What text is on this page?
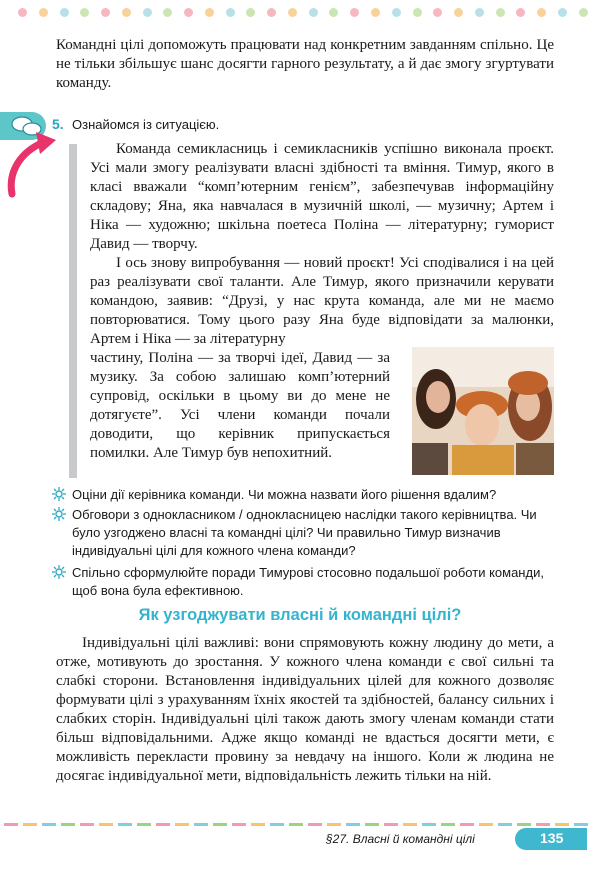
Командні цілі допоможуть працювати над конкретним завданням спільно. Це не тільки збільшує шанс досягти гарного результату, а й дає змогу згуртувати команду.

5. Ознайомся із ситуацією.

Команда семикласниць і семикласників успішно виконала проєкт. Усі мали змогу реалізувати власні здібності та вміння. Тимур, якого в класі вважали “комп’ютерним генієм”, забезпечував інформаційну складову; Яна, яка навчалася в музичній школі, — музичну; Артем і Ніка — художню; шкільна поетеса Поліна — літературну; гуморист Давид — творчу.

І ось знову випробування — новий проєкт! Усі сподівалися і на цей раз реалізувати свої таланти. Але Тимур, якого призначили керувати командою, заявив: “Друзі, у нас крута команда, але ми не маємо повторюватися. Тому цього разу Яна буде відповідати за малюнки, Артем і Ніка — за літературну

частину, Поліна — за творчі ідеї, Давид — за музику. За собою залишаю комп’ютерний супровід, оскільки в цьому ви до мене не дотягуєте”. Усі члени команди почали доводити, що керівник припускається помилки. Але Тимур був непохитний.

Оціни дії керівника команди. Чи можна назвати його рішення вдалим?
Обговори з однокласником / однокласницею наслідки такого керівництва. Чи було узгоджено власні та командні цілі? Чи правильно Тимур визначив індивідуальні цілі для кожного члена команди?
Спільно сформулюйте поради Тимурові стосовно подальшої роботи команди, щоб вона була ефективною.
Як узгоджувати власні й командні цілі?

Індивідуальні цілі важливі: вони спрямовують кожну людину до мети, а отже, мотивують до зростання. У кожного члена команди є свої сильні та слабкі сторони. Встановлення індивідуальних цілей для кожного дозволяє формувати цілі з урахуванням їхніх якостей та здібностей, балансу сильних і слабких сторін. Індивідуальні цілі також дають змогу членам команди стати більш відповідальними. Адже якщо команді не вдасться досягти мети, є можливість перекласти провину за невдачу на іншого. Коли ж людина не досягає індивідуальної мети, відповідальність лежить тільки на ній.

§27. Власні й командні цілі	135
